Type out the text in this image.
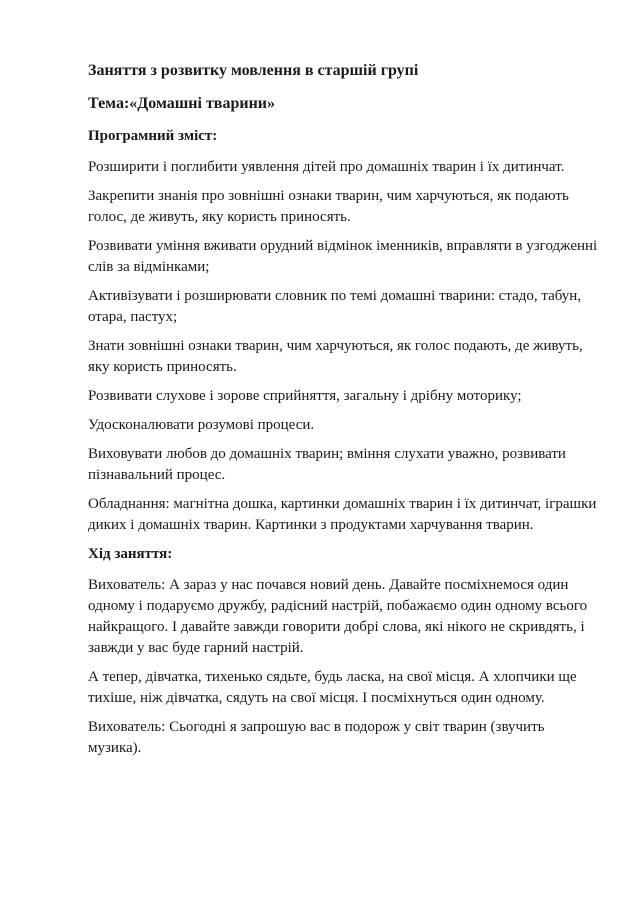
Заняття з розвитку мовлення в старшій групі

Тема:«Домашні тварини»

Програмний зміст:

Розширити і поглибити уявлення дітей про домашніх тварин і їх дитинчат.

Закрепити знанія про зовнішні ознаки тварин, чим харчуються, як подають голос, де живуть, яку користь приносять.

Розвивати уміння вживати орудний відмінок іменників, вправляти в узгодженні слів за відмінками;

Активізувати і розширювати словник по темі домашні тварини: стадо, табун, отара, пастух;

Знати зовнішні ознаки тварин, чим харчуються, як голос подають, де живуть, яку користь приносять.

Розвивати слухове і зорове сприйняття, загальну і дрібну моторику;

Удосконалювати розумові процеси.

Виховувати любов до домашніх тварин; вміння слухати уважно, розвивати пізнавальний процес.

Обладнання: магнітна дошка, картинки домашніх тварин і їх дитинчат, іграшки диких і домашніх тварин. Картинки з продуктами харчування тварин.

Хід заняття:

Вихователь: А зараз у нас почався новий день. Давайте посміхнемося один одному і подаруємо дружбу, радісний настрій, побажаємо один одному всього найкращого. І давайте завжди говорити добрі слова, які нікого не скривдять, і завжди у вас буде гарний настрій.

А тепер, дівчатка, тихенько сядьте, будь ласка, на свої місця. А хлопчики ще тихіше, ніж дівчатка, сядуть на свої місця. І посміхнуться один одному.

Вихователь: Сьогодні я запрошую вас в подорож у світ тварин (звучить музика).
